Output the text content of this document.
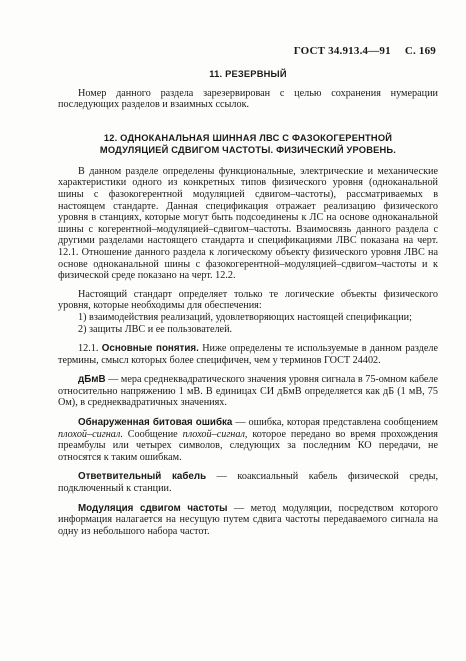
ГОСТ 34.913.4—91 С. 169
11. РЕЗЕРВНЫЙ

Номер данного раздела зарезервирован с целью сохранения нумерации последующих разделов и взаимных ссылок.

12. ОДНОКАНАЛЬНАЯ ШИННАЯ ЛВС С ФАЗОКОГЕРЕНТНОЙ
МОДУЛЯЦИЕЙ СДВИГОМ ЧАСТОТЫ. ФИЗИЧЕСКИЙ УРОВЕНЬ.

В данном разделе определены функциональные, электрические и механические характеристики одного из конкретных типов физического уровня (одноканальной шины с фазокогерентной модуляцией сдвигом–частоты), рассматриваемых в настоящем стандарте. Данная спецификация отражает реализацию физического уровня в станциях, которые могут быть подсоединены к ЛС на основе одноканальной шины с когерентной–модуляцией–сдвигом–частоты. Взаимосвязь данного раздела с другими разделами настоящего стандарта и спецификациями ЛВС показана на черт. 12.1. Отношение данного раздела к логическому объекту физического уровня ЛВС на основе одноканальной шины с фазокогерентной–модуляцией–сдвигом–частоты и к физической среде показано на черт. 12.2.

Настоящий стандарт определяет только те логические объекты физического уровня, которые необходимы для обеспечения:

1) взаимодействия реализаций, удовлетворяющих настоящей спецификации;

2) защиты ЛВС и ее пользователей.

12.1. Основные понятия. Ниже определены те используемые в данном разделе термины, смысл которых более специфичен, чем у терминов ГОСТ 24402.

дБмВ — мера среднеквадратического значения уровня сигнала в 75-омном кабеле относительно напряжению 1 мВ. В единицах СИ дБмВ определяется как дБ (1 мВ, 75 Ом), в среднеквадратичных значениях.

Обнаруженная битовая ошибка — ошибка, которая представлена сообщением плохой–сигнал. Сообщение плохой–сигнал, которое передано во время прохождения преамбулы или четырех символов, следующих за последним КО передачи, не относятся к таким ошибкам.

Ответвительный кабель — коаксиальный кабель физической среды, подключенный к станции.

Модуляция сдвигом частоты — метод модуляции, посредством которого информация налагается на несущую путем сдвига частоты передаваемого сигнала на одну из небольшого набора частот.
